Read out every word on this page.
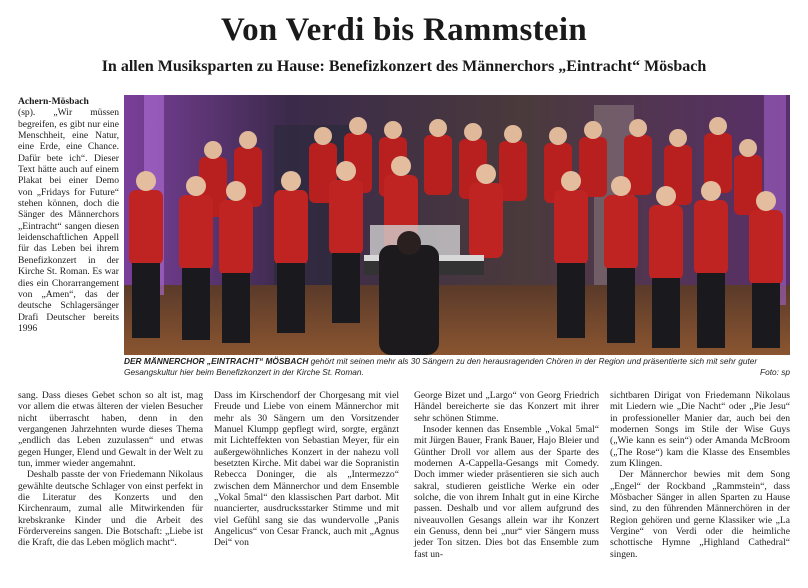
Von Verdi bis Rammstein
In allen Musiksparten zu Hause: Benefizkonzert des Männerchors „Eintracht“ Mösbach

Achern-Mösbach

(sp). „Wir müssen begreifen, es gibt nur eine Menschheit, eine Natur, eine Erde, eine Chance. Dafür bete ich“. Dieser Text hätte auch auf einem Plakat bei einer Demo von „Fridays for Future“ stehen können, doch die Sänger des Männerchors „Eintracht“ sangen diesen leidenschaftlichen Appell für das Leben bei ihrem Benefizkonzert in der Kirche St. Roman. Es war dies ein Chorarrangement von „Amen“, das der deutsche Schlagersänger Drafi Deutscher bereits 1996

DER MÄNNERCHOR „EINTRACHT“ MÖSBACH gehört mit seinen mehr als 30 Sängern zu den herausragenden Chören in der Region und präsentierte sich mit sehr guter Gesangskultur hier beim Benefizkonzert in der Kirche St. Roman.	Foto: sp

sang. Dass dieses Gebet schon so alt ist, mag vor allem die etwas älteren der vielen Besucher nicht überrascht haben, denn in den vergangenen Jahrzehnten wurde dieses Thema „endlich das Leben zuzulassen“ und etwas gegen Hunger, Elend und Gewalt in der Welt zu tun, immer wieder angemahnt.

Deshalb passte der von Friedemann Nikolaus gewählte deutsche Schlager von einst perfekt in die Literatur des Konzerts und den Kirchenraum, zumal alle Mitwirkenden für krebskranke Kinder und die Arbeit des Fördervereins sangen. Die Botschaft: „Liebe ist die Kraft, die das Leben möglich macht“.

Dass im Kirschendorf der Chorgesang mit viel Freude und Liebe von einem Männerchor mit mehr als 30 Sängern um den Vorsitzender Manuel Klumpp gepflegt wird, sorgte, ergänzt mit Lichteffekten von Sebastian Meyer, für ein außergewöhnliches Konzert in der nahezu voll besetzten Kirche. Mit dabei war die Sopranistin Rebecca Doninger, die als „Intermezzo“ zwischen dem Männerchor und dem Ensemble „Vokal 5mal“ den klassischen Part darbot. Mit nuancierter, ausdrucksstarker Stimme und mit viel Gefühl sang sie das wundervolle „Panis Angelicus“ von Cesar Franck, auch mit „Agnus Dei“ von

George Bizet und „Largo“ von Georg Friedrich Händel bereicherte sie das Konzert mit ihrer sehr schönen Stimme.

Insoder kennen das Ensemble „Vokal 5mal“ mit Jürgen Bauer, Frank Bauer, Hajo Bleier und Günther Droll vor allem aus der Sparte des modernen A-Cappella-Gesangs mit Comedy. Doch immer wieder präsentieren sie sich auch sakral, studieren geistliche Werke ein oder solche, die von ihrem Inhalt gut in eine Kirche passen. Deshalb und vor allem aufgrund des niveauvollen Gesangs allein war ihr Konzert ein Genuss, denn bei „nur“ vier Sängern muss jeder Ton sitzen. Dies bot das Ensemble zum fast un-

sichtbaren Dirigat von Friedemann Nikolaus mit Liedern wie „Die Nacht“ oder „Pie Jesu“ in professioneller Manier dar, auch bei den modernen Songs im Stile der Wise Guys („Wie kann es sein“) oder Amanda McBroom („The Rose“) kam die Klasse des Ensembles zum Klingen.

Der Männerchor bewies mit dem Song „Engel“ der Rockband „Rammstein“, dass Mösbacher Sänger in allen Sparten zu Hause sind, zu den führenden Männerchören in der Region gehören und gerne Klassiker wie „La Vergine“ von Verdi oder die heimliche schottische Hymne „Highland Cathedral“ singen.
